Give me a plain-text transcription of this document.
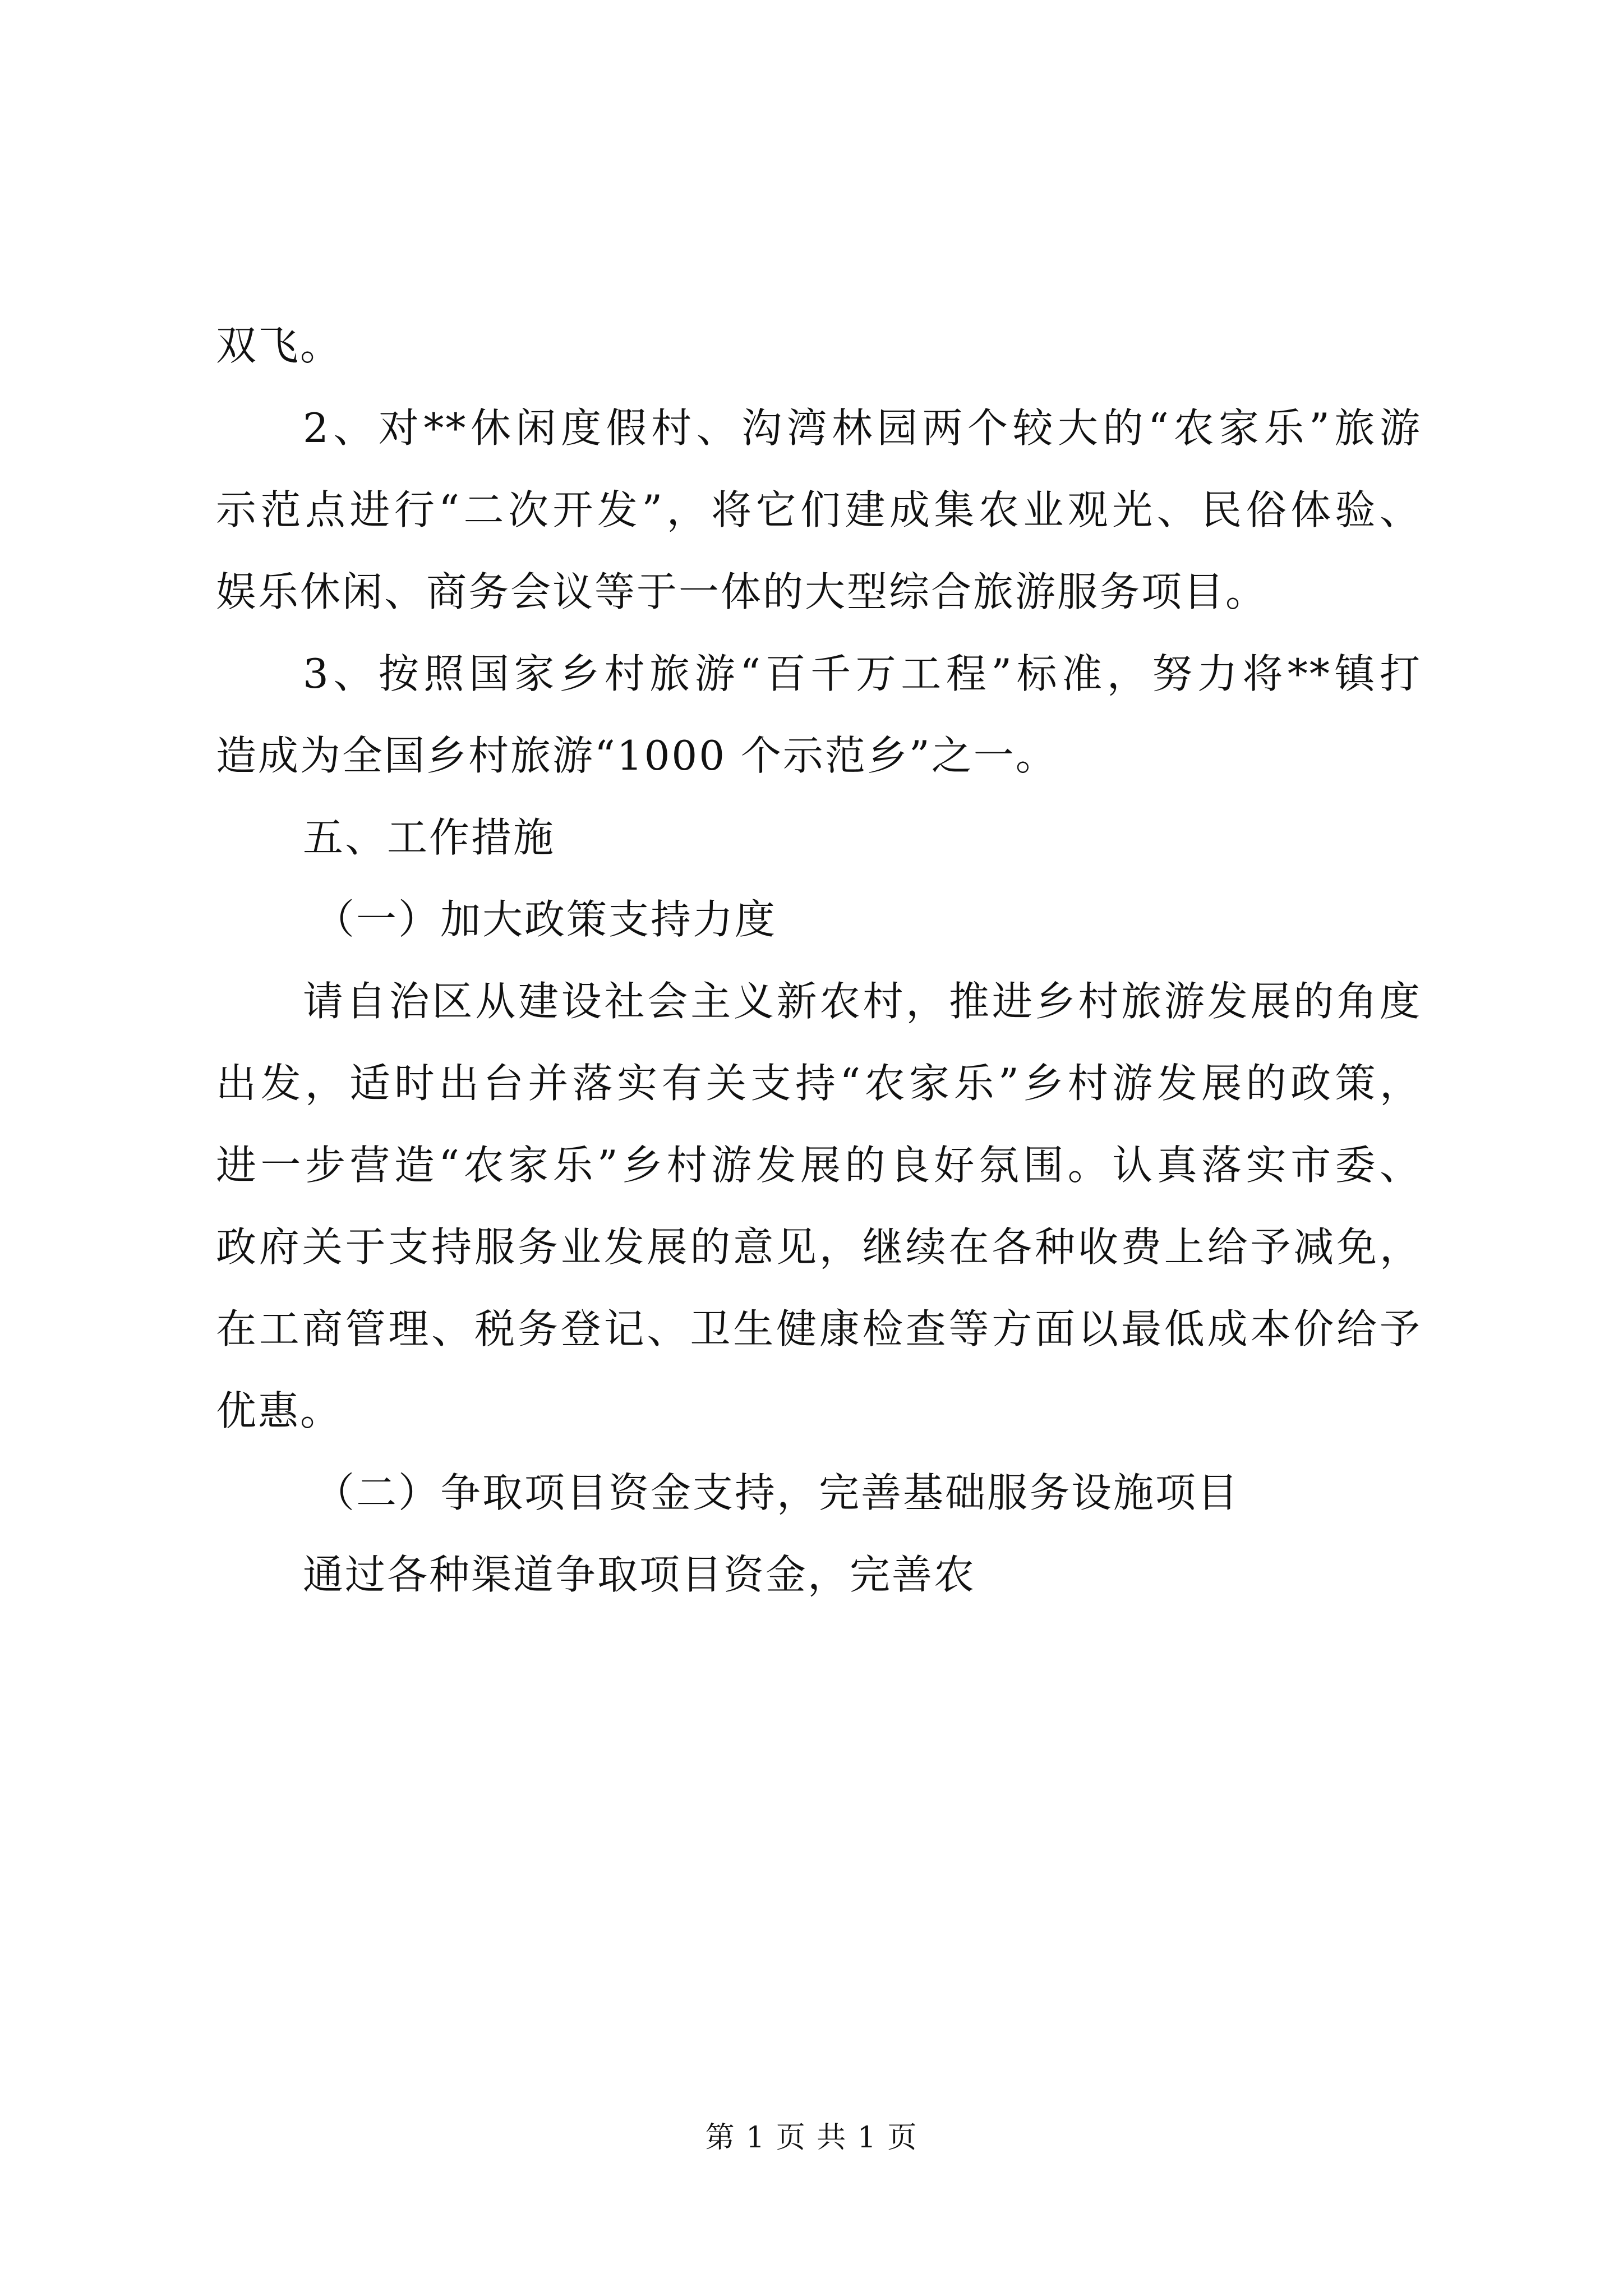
双飞。
2、对**休闲度假村、沟湾林园两个较大的“农家乐”旅游
示范点进行“二次开发”，将它们建成集农业观光、民俗体验、
娱乐休闲、商务会议等于一体的大型综合旅游服务项目。
3、按照国家乡村旅游“百千万工程”标准，努力将**镇打
造成为全国乡村旅游“1000 个示范乡”之一。
五、工作措施
（一）加大政策支持力度
请自治区从建设社会主义新农村，推进乡村旅游发展的角度
出发，适时出台并落实有关支持“农家乐”乡村游发展的政策，
进一步营造“农家乐”乡村游发展的良好氛围。认真落实市委、
政府关于支持服务业发展的意见，继续在各种收费上给予减免，
在工商管理、税务登记、卫生健康检查等方面以最低成本价给予
优惠。
（二）争取项目资金支持，完善基础服务设施项目
通过各种渠道争取项目资金，完善农
第 1 页 共 1 页
